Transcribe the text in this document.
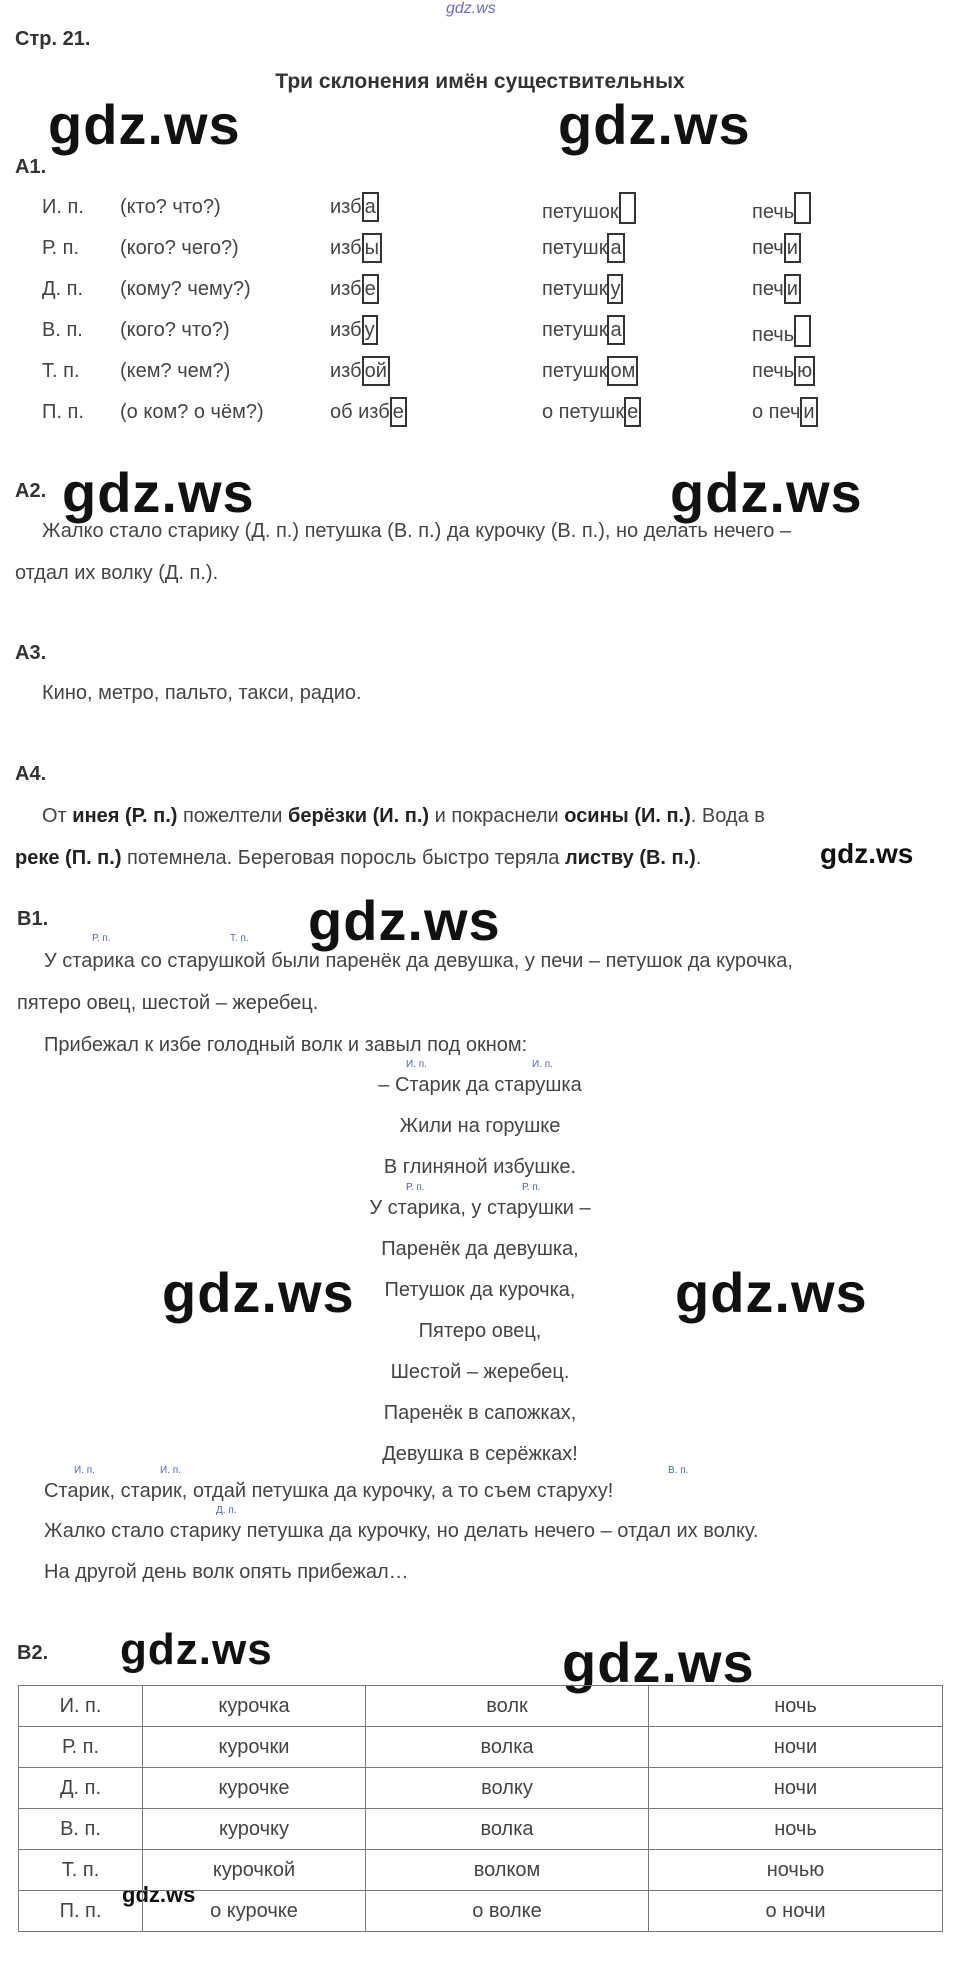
gdz.ws
Стр. 21.
Три склонения имён существительных
gdz.ws	gdz.ws
gdz.ws	gdz.ws
gdz.ws
gdz.ws
gdz.ws	gdz.ws
gdz.ws	gdz.ws
gdz.ws
А1.
И. п. (кто? что?)	изб а	петушок	печь
Р. п. (кого? чего?)	изб ы	петушк а	печ и
Д. п. (кому? чему?)	изб е	петушк у	печ и
В. п. (кого? что?)	изб у	петушк а	печь
Т. п. (кем? чем?)	изб ой	петушк ом	печь ю
П. п. (о ком? о чём?)	об изб е	о петушк е	о печ и
А2.
Жалко стало старику (Д. п.) петушка (В. п.) да курочку (В. п.), но делать нечего –
отдал их волку (Д. п.).
А3.
Кино, метро, пальто, такси, радио.
А4.
От инея (Р. п.) пожелтели берёзки (И. п.) и покраснели осины (И. п.). Вода в
реке (П. п.) потемнела. Береговая поросль быстро теряла листву (В. п.).
В1.
Р. п.	Т. п.
У старика со старушкой были паренёк да девушка, у печи – петушок да курочка,
пятеро овец, шестой – жеребец.
Прибежал к избе голодный волк и завыл под окном:
И. п.	И. п.
Р. п.	Р. п.
– Старик да старушка
Жили на горушке
В глиняной избушке.
У старика, у старушки –
Паренёк да девушка,
Петушок да курочка,
Пятеро овец,
Шестой – жеребец.
Паренёк в сапожках,
Девушка в серёжках!
И. п.	И. п.	В. п.
Старик, старик, отдай петушка да курочку, а то съем старуху!
Д. п.
Жалко стало старику петушка да курочку, но делать нечего – отдал их волку.
На другой день волк опять прибежал…
В2.
И. п.	курочка	волк	ночь
Р. п.	курочки	волка	ночи
Д. п.	курочке	волку	ночи
В. п.	курочку	волка	ночь
Т. п.	курочкой	волком	ночью
П. п.	о курочке	о волке	о ночи
